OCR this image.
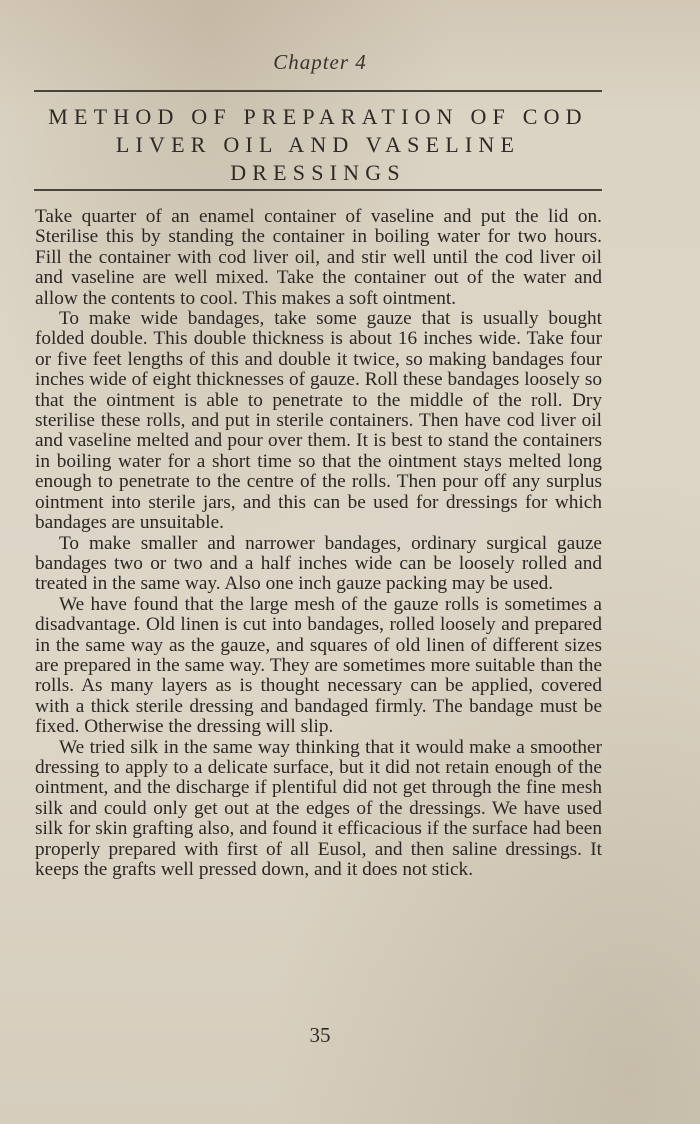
Chapter 4
METHOD OF PREPARATION OF COD
LIVER OIL AND VASELINE
DRESSINGS

Take quarter of an enamel container of vaseline and put the lid on. Sterilise this by standing the container in boiling water for two hours. Fill the container with cod liver oil, and stir well until the cod liver oil and vaseline are well mixed. Take the container out of the water and allow the contents to cool. This makes a soft ointment.

To make wide bandages, take some gauze that is usually bought folded double. This double thickness is about 16 inches wide. Take four or five feet lengths of this and double it twice, so making bandages four inches wide of eight thicknesses of gauze. Roll these bandages loosely so that the ointment is able to penetrate to the middle of the roll. Dry sterilise these rolls, and put in sterile containers. Then have cod liver oil and vaseline melted and pour over them. It is best to stand the containers in boiling water for a short time so that the ointment stays melted long enough to penetrate to the centre of the rolls. Then pour off any surplus ointment into sterile jars, and this can be used for dressings for which bandages are unsuitable.

To make smaller and narrower bandages, ordinary surgical gauze bandages two or two and a half inches wide can be loosely rolled and treated in the same way. Also one inch gauze packing may be used.

We have found that the large mesh of the gauze rolls is sometimes a disadvantage. Old linen is cut into bandages, rolled loosely and prepared in the same way as the gauze, and squares of old linen of different sizes are prepared in the same way. They are sometimes more suitable than the rolls. As many layers as is thought necessary can be applied, covered with a thick sterile dressing and bandaged firmly. The bandage must be fixed. Otherwise the dressing will slip.

We tried silk in the same way thinking that it would make a smoother dressing to apply to a delicate surface, but it did not retain enough of the ointment, and the discharge if plentiful did not get through the fine mesh silk and could only get out at the edges of the dressings. We have used silk for skin grafting also, and found it efficacious if the surface had been properly prepared with first of all Eusol, and then saline dressings. It keeps the grafts well pressed down, and it does not stick.

35
